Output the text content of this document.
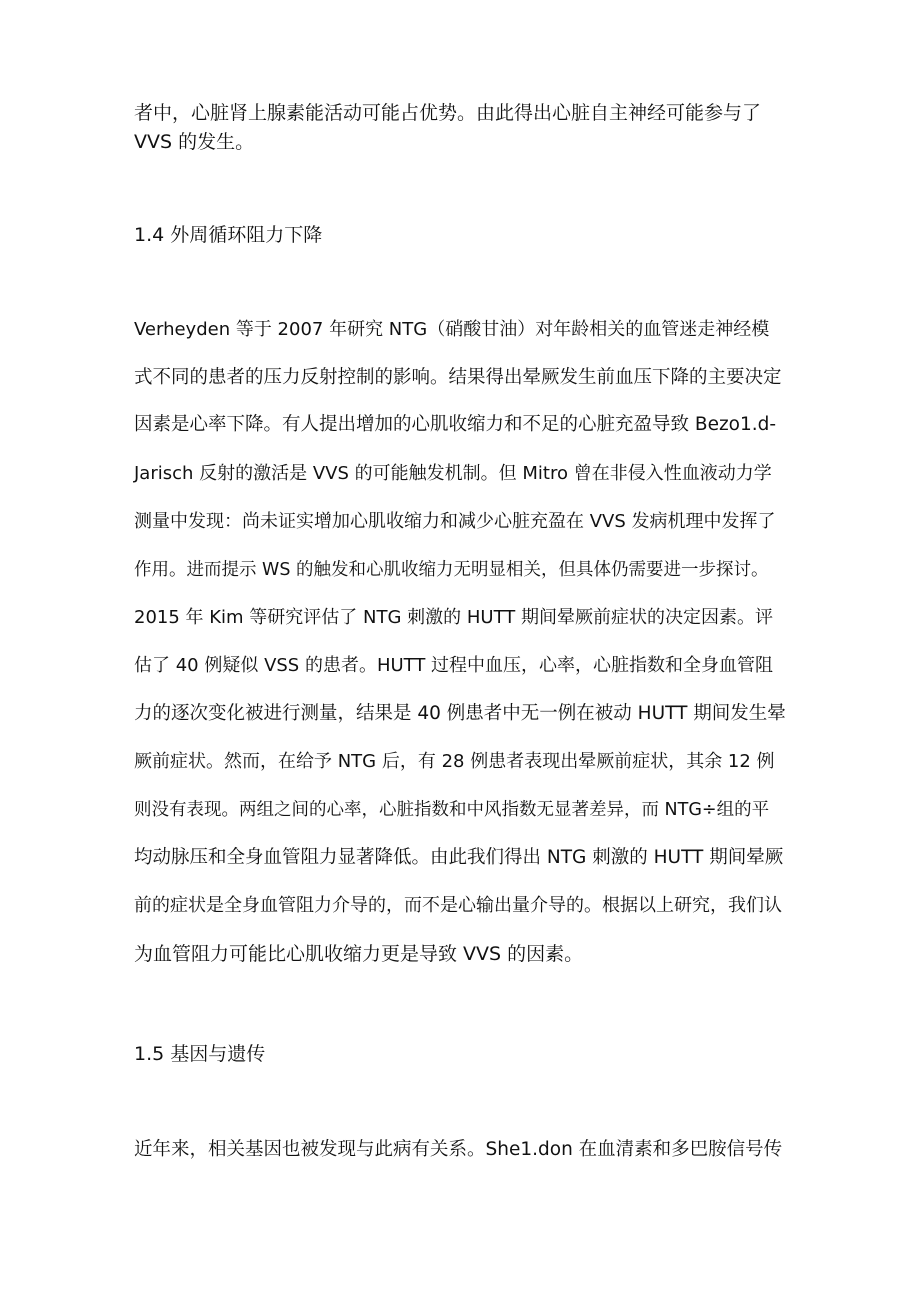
者中，心脏肾上腺素能活动可能占优势。由此得出心脏自主神经可能参与了
VVS 的发生。
1.4 外周循环阻力下降
Verheyden 等于 2007 年研究 NTG（硝酸甘油）对年龄相关的血管迷走神经模
式不同的患者的压力反射控制的影响。结果得出晕厥发生前血压下降的主要决定
因素是心率下降。有人提出增加的心肌收缩力和不足的心脏充盈导致 Bezo1.d-
Jarisch 反射的激活是 VVS 的可能触发机制。但 Mitro 曾在非侵入性血液动力学
测量中发现：尚未证实增加心肌收缩力和减少心脏充盈在 VVS 发病机理中发挥了
作用。进而提示 WS 的触发和心肌收缩力无明显相关，但具体仍需要进一步探讨。
2015 年 Kim 等研究评估了 NTG 刺激的 HUTT 期间晕厥前症状的决定因素。评
估了 40 例疑似 VSS 的患者。HUTT 过程中血压，心率，心脏指数和全身血管阻
力的逐次变化被进行测量，结果是 40 例患者中无一例在被动 HUTT 期间发生晕
厥前症状。然而，在给予 NTG 后，有 28 例患者表现出晕厥前症状，其余 12 例
则没有表现。两组之间的心率，心脏指数和中风指数无显著差异，而 NTG÷组的平
均动脉压和全身血管阻力显著降低。由此我们得出 NTG 刺激的 HUTT 期间晕厥
前的症状是全身血管阻力介导的，而不是心输出量介导的。根据以上研究，我们认
为血管阻力可能比心肌收缩力更是导致 VVS 的因素。
1.5 基因与遗传
近年来，相关基因也被发现与此病有关系。She1.don 在血清素和多巴胺信号传
